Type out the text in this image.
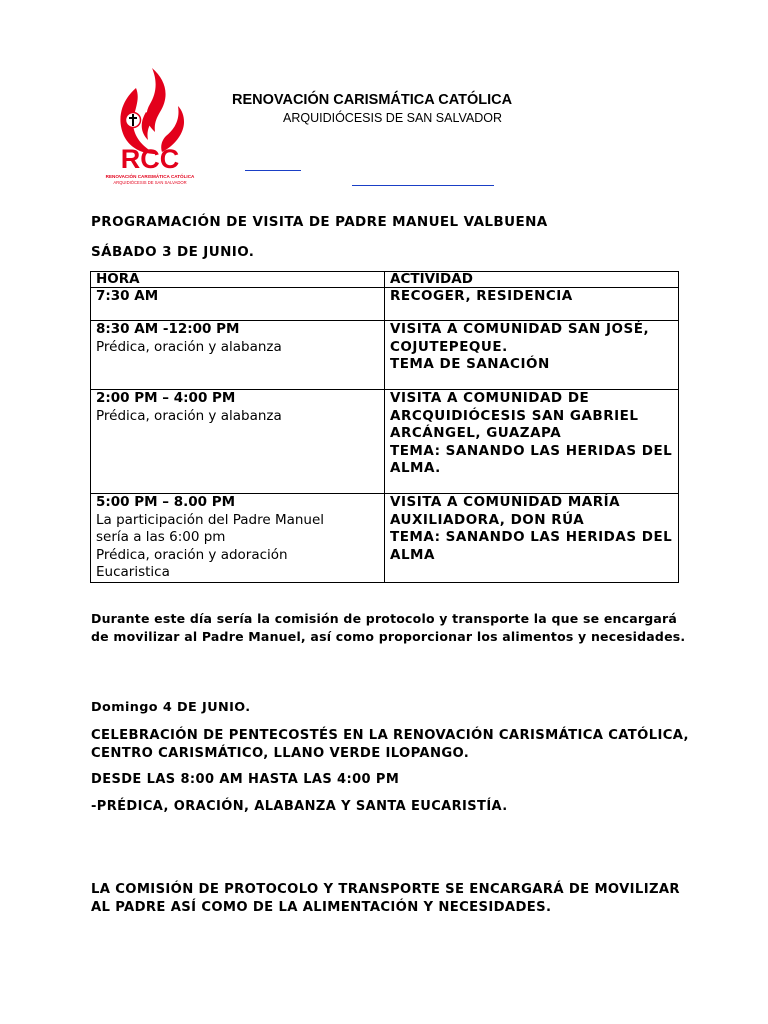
RCC
RENOVACIÓN CARISMÁTICA CATÓLICA
ARQUIDIÓCESIS DE SAN SALVADOR
RENOVACIÓN CARISMÁTICA CATÓLICA
ARQUIDIÓCESIS DE SAN SALVADOR

PROGRAMACIÓN DE VISITA DE PADRE MANUEL VALBUENA

SÁBADO 3 DE JUNIO.

HORA	ACTIVIDAD

7:30 AM	RECOGER, RESIDENCIA

8:30 AM -12:00 PM
Prédica, oración y alabanza	VISITA A COMUNIDAD SAN JOSÉ,
COJUTEPEQUE.
TEMA DE SANACIÓN

2:00 PM – 4:00 PM
Prédica, oración y alabanza	VISITA A COMUNIDAD DE
ARCQUIDIÓCESIS SAN GABRIEL
ARCÁNGEL, GUAZAPA
TEMA: SANANDO LAS HERIDAS DEL
ALMA.

5:00 PM – 8.00 PM
La participación del Padre Manuel
sería a las 6:00 pm
Prédica, oración y adoración
Eucaristica	VISITA A COMUNIDAD MARÍA
AUXILIADORA, DON RÚA
TEMA: SANANDO LAS HERIDAS DEL
ALMA

Durante este día sería la comisión de protocolo y transporte la que se encargará de movilizar al Padre Manuel, así como proporcionar los alimentos y necesidades.

Domingo 4 DE JUNIO.

CELEBRACIÓN DE PENTECOSTÉS EN LA RENOVACIÓN CARISMÁTICA CATÓLICA, CENTRO CARISMÁTICO, LLANO VERDE ILOPANGO.

DESDE LAS 8:00 AM HASTA LAS 4:00 PM

-PRÉDICA, ORACIÓN, ALABANZA Y SANTA EUCARISTÍA.

LA COMISIÓN DE PROTOCOLO Y TRANSPORTE SE ENCARGARÁ DE MOVILIZAR AL PADRE ASÍ COMO DE LA ALIMENTACIÓN Y NECESIDADES.
